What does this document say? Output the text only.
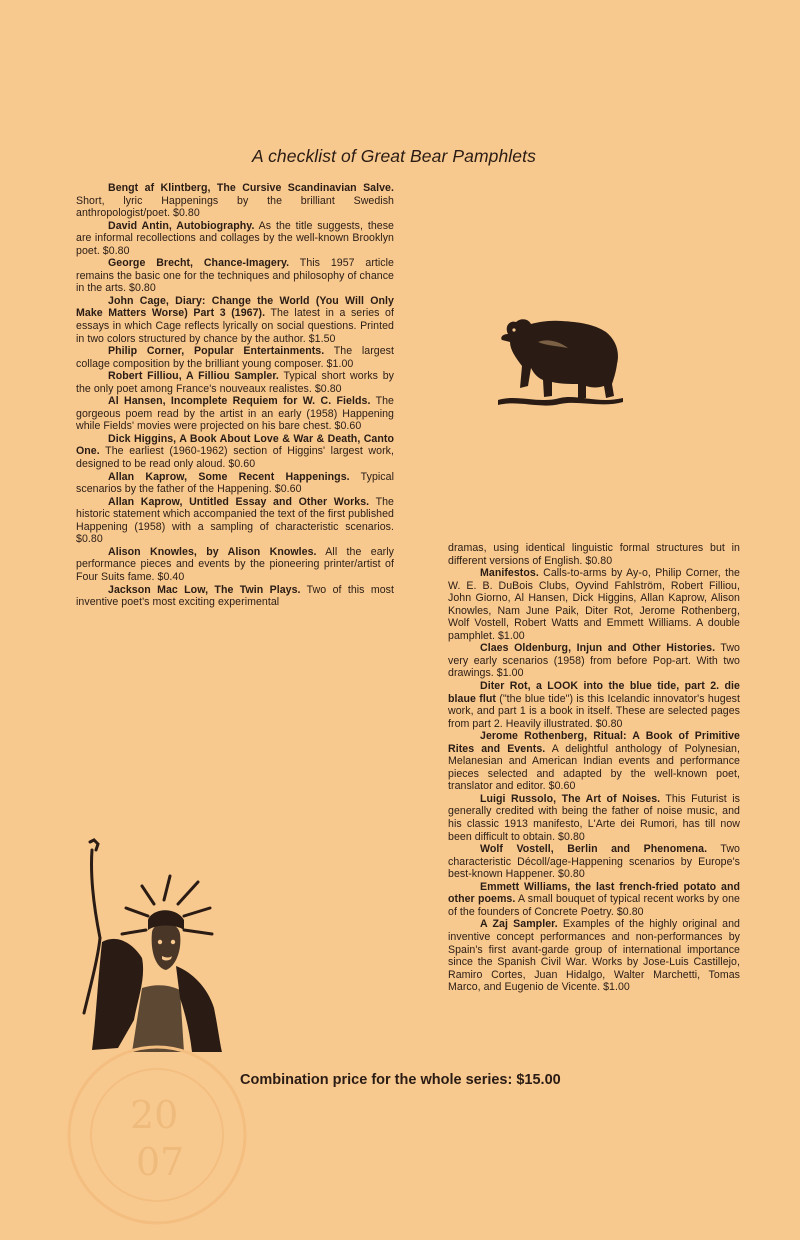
A checklist of Great Bear Pamphlets

Bengt af Klintberg, The Cursive Scandinavian Salve. Short, lyric Happenings by the brilliant Swedish anthropologist/poet. $0.80

David Antin, Autobiography. As the title suggests, these are informal recollections and collages by the well-known Brooklyn poet. $0.80

George Brecht, Chance-Imagery. This 1957 article remains the basic one for the techniques and philosophy of chance in the arts. $0.80

John Cage, Diary: Change the World (You Will Only Make Matters Worse) Part 3 (1967). The latest in a series of essays in which Cage reflects lyrically on social questions. Printed in two colors structured by chance by the author. $1.50

Philip Corner, Popular Entertainments. The largest collage composition by the brilliant young composer. $1.00

Robert Filliou, A Filliou Sampler. Typical short works by the only poet among France's nouveaux realistes. $0.80

Al Hansen, Incomplete Requiem for W. C. Fields. The gorgeous poem read by the artist in an early (1958) Happening while Fields' movies were projected on his bare chest. $0.60

Dick Higgins, A Book About Love & War & Death, Canto One. The earliest (1960-1962) section of Higgins' largest work, designed to be read only aloud. $0.60

Allan Kaprow, Some Recent Happenings. Typical scenarios by the father of the Happening. $0.60

Allan Kaprow, Untitled Essay and Other Works. The historic statement which accompanied the text of the first published Happening (1958) with a sampling of characteristic scenarios. $0.80

Alison Knowles, by Alison Knowles. All the early performance pieces and events by the pioneering printer/artist of Four Suits fame. $0.40

Jackson Mac Low, The Twin Plays. Two of this most inventive poet's most exciting experimental

dramas, using identical linguistic formal structures but in different versions of English. $0.80

Manifestos. Calls-to-arms by Ay-o, Philip Corner, the W. E. B. DuBois Clubs, Oyvind Fahlström, Robert Filliou, John Giorno, Al Hansen, Dick Higgins, Allan Kaprow, Alison Knowles, Nam June Paik, Diter Rot, Jerome Rothenberg, Wolf Vostell, Robert Watts and Emmett Williams. A double pamphlet. $1.00

Claes Oldenburg, Injun and Other Histories. Two very early scenarios (1958) from before Pop-art. With two drawings. $1.00

Diter Rot, a LOOK into the blue tide, part 2. die blaue flut ("the blue tide") is this Icelandic innovator's hugest work, and part 1 is a book in itself. These are selected pages from part 2. Heavily illustrated. $0.80

Jerome Rothenberg, Ritual: A Book of Primitive Rites and Events. A delightful anthology of Polynesian, Melanesian and American Indian events and performance pieces selected and adapted by the well-known poet, translator and editor. $0.60

Luigi Russolo, The Art of Noises. This Futurist is generally credited with being the father of noise music, and his classic 1913 manifesto, L'Arte dei Rumori, has till now been difficult to obtain. $0.80

Wolf Vostell, Berlin and Phenomena. Two characteristic Décoll/age-Happening scenarios by Europe's best-known Happener. $0.80

Emmett Williams, the last french-fried potato and other poems. A small bouquet of typical recent works by one of the founders of Concrete Poetry. $0.80

A Zaj Sampler. Examples of the highly original and inventive concept performances and non-performances by Spain's first avant-garde group of international importance since the Spanish Civil War. Works by Jose-Luis Castillejo, Ramiro Cortes, Juan Hidalgo, Walter Marchetti, Tomas Marco, and Eugenio de Vicente. $1.00

Combination price for the whole series: $15.00
20
07
